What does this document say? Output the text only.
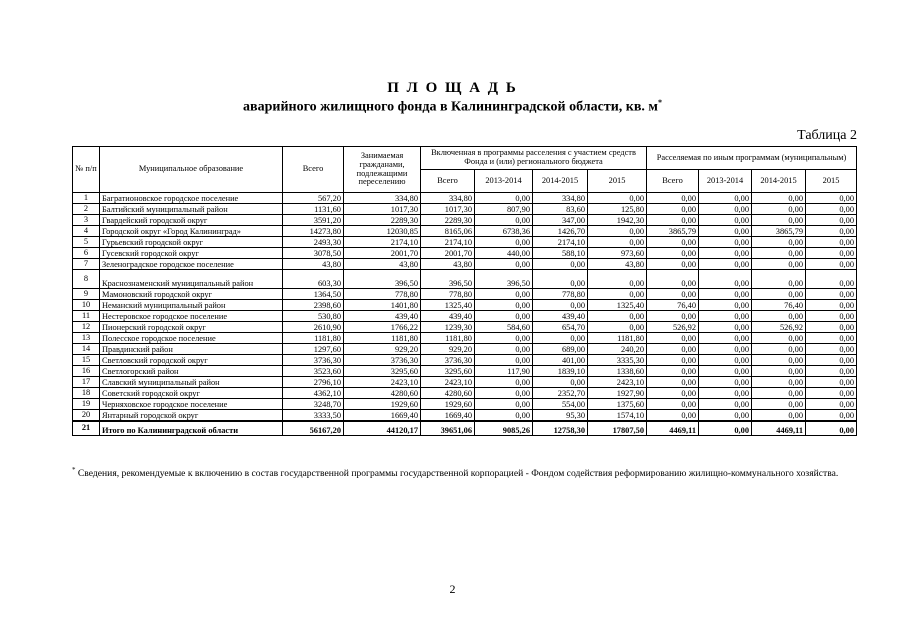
П Л О Щ А Д Ь
аварийного жилищного фонда в Калининградской области, кв. м*
Таблица 2
№ п/п	Муниципальное образование	Всего	Занимаемая гражданами, подлежащими переселению	Включенная в программы расселения с участием средств Фонда и (или) регионального бюджета				Расселяемая по иным программам (муниципальным)			
				Всего	2013-2014	2014-2015	2015	Всего	2013-2014	2014-2015	2015
1	Багратионовское городское поселение	567,20	334,80	334,80	0,00	334,80	0,00	0,00	0,00	0,00	0,00
2	Балтийский муниципальный район	1131,60	1017,30	1017,30	807,90	83,60	125,80	0,00	0,00	0,00	0,00
3	Гвардейский городской округ	3591,20	2289,30	2289,30	0,00	347,00	1942,30	0,00	0,00	0,00	0,00
4	Городской округ «Город Калининград»	14273,80	12030,85	8165,06	6738,36	1426,70	0,00	3865,79	0,00	3865,79	0,00
5	Гурьевский городской округ	2493,30	2174,10	2174,10	0,00	2174,10	0,00	0,00	0,00	0,00	0,00
6	Гусевский городской округ	3078,50	2001,70	2001,70	440,00	588,10	973,60	0,00	0,00	0,00	0,00
7	Зеленоградское городское поселение	43,80	43,80	43,80	0,00	0,00	43,80	0,00	0,00	0,00	0,00
8	Краснознаменский муниципальный район	603,30	396,50	396,50	396,50	0,00	0,00	0,00	0,00	0,00	0,00
9	Мамоновский городской округ	1364,50	778,80	778,80	0,00	778,80	0,00	0,00	0,00	0,00	0,00
10	Неманский муниципальный район	2398,60	1401,80	1325,40	0,00	0,00	1325,40	76,40	0,00	76,40	0,00
11	Нестеровское городское поселение	530,80	439,40	439,40	0,00	439,40	0,00	0,00	0,00	0,00	0,00
12	Пионерский городской округ	2610,90	1766,22	1239,30	584,60	654,70	0,00	526,92	0,00	526,92	0,00
13	Полесское городское поселение	1181,80	1181,80	1181,80	0,00	0,00	1181,80	0,00	0,00	0,00	0,00
14	Правдинский район	1297,60	929,20	929,20	0,00	689,00	240,20	0,00	0,00	0,00	0,00
15	Светловский городской округ	3736,30	3736,30	3736,30	0,00	401,00	3335,30	0,00	0,00	0,00	0,00
16	Светлогорский район	3523,60	3295,60	3295,60	117,90	1839,10	1338,60	0,00	0,00	0,00	0,00
17	Славский муниципальный район	2796,10	2423,10	2423,10	0,00	0,00	2423,10	0,00	0,00	0,00	0,00
18	Советский городской округ	4362,10	4280,60	4280,60	0,00	2352,70	1927,90	0,00	0,00	0,00	0,00
19	Черняховское городское поселение	3248,70	1929,60	1929,60	0,00	554,00	1375,60	0,00	0,00	0,00	0,00
20	Янтарный городской округ	3333,50	1669,40	1669,40	0,00	95,30	1574,10	0,00	0,00	0,00	0,00
21	Итого по Калининградской области	56167,20	44120,17	39651,06	9085,26	12758,30	17807,50	4469,11	0,00	4469,11	0,00
* Сведения, рекомендуемые к включению в состав государственной программы государственной корпорацией - Фондом содействия реформированию жилищно-коммунального хозяйства.
2
